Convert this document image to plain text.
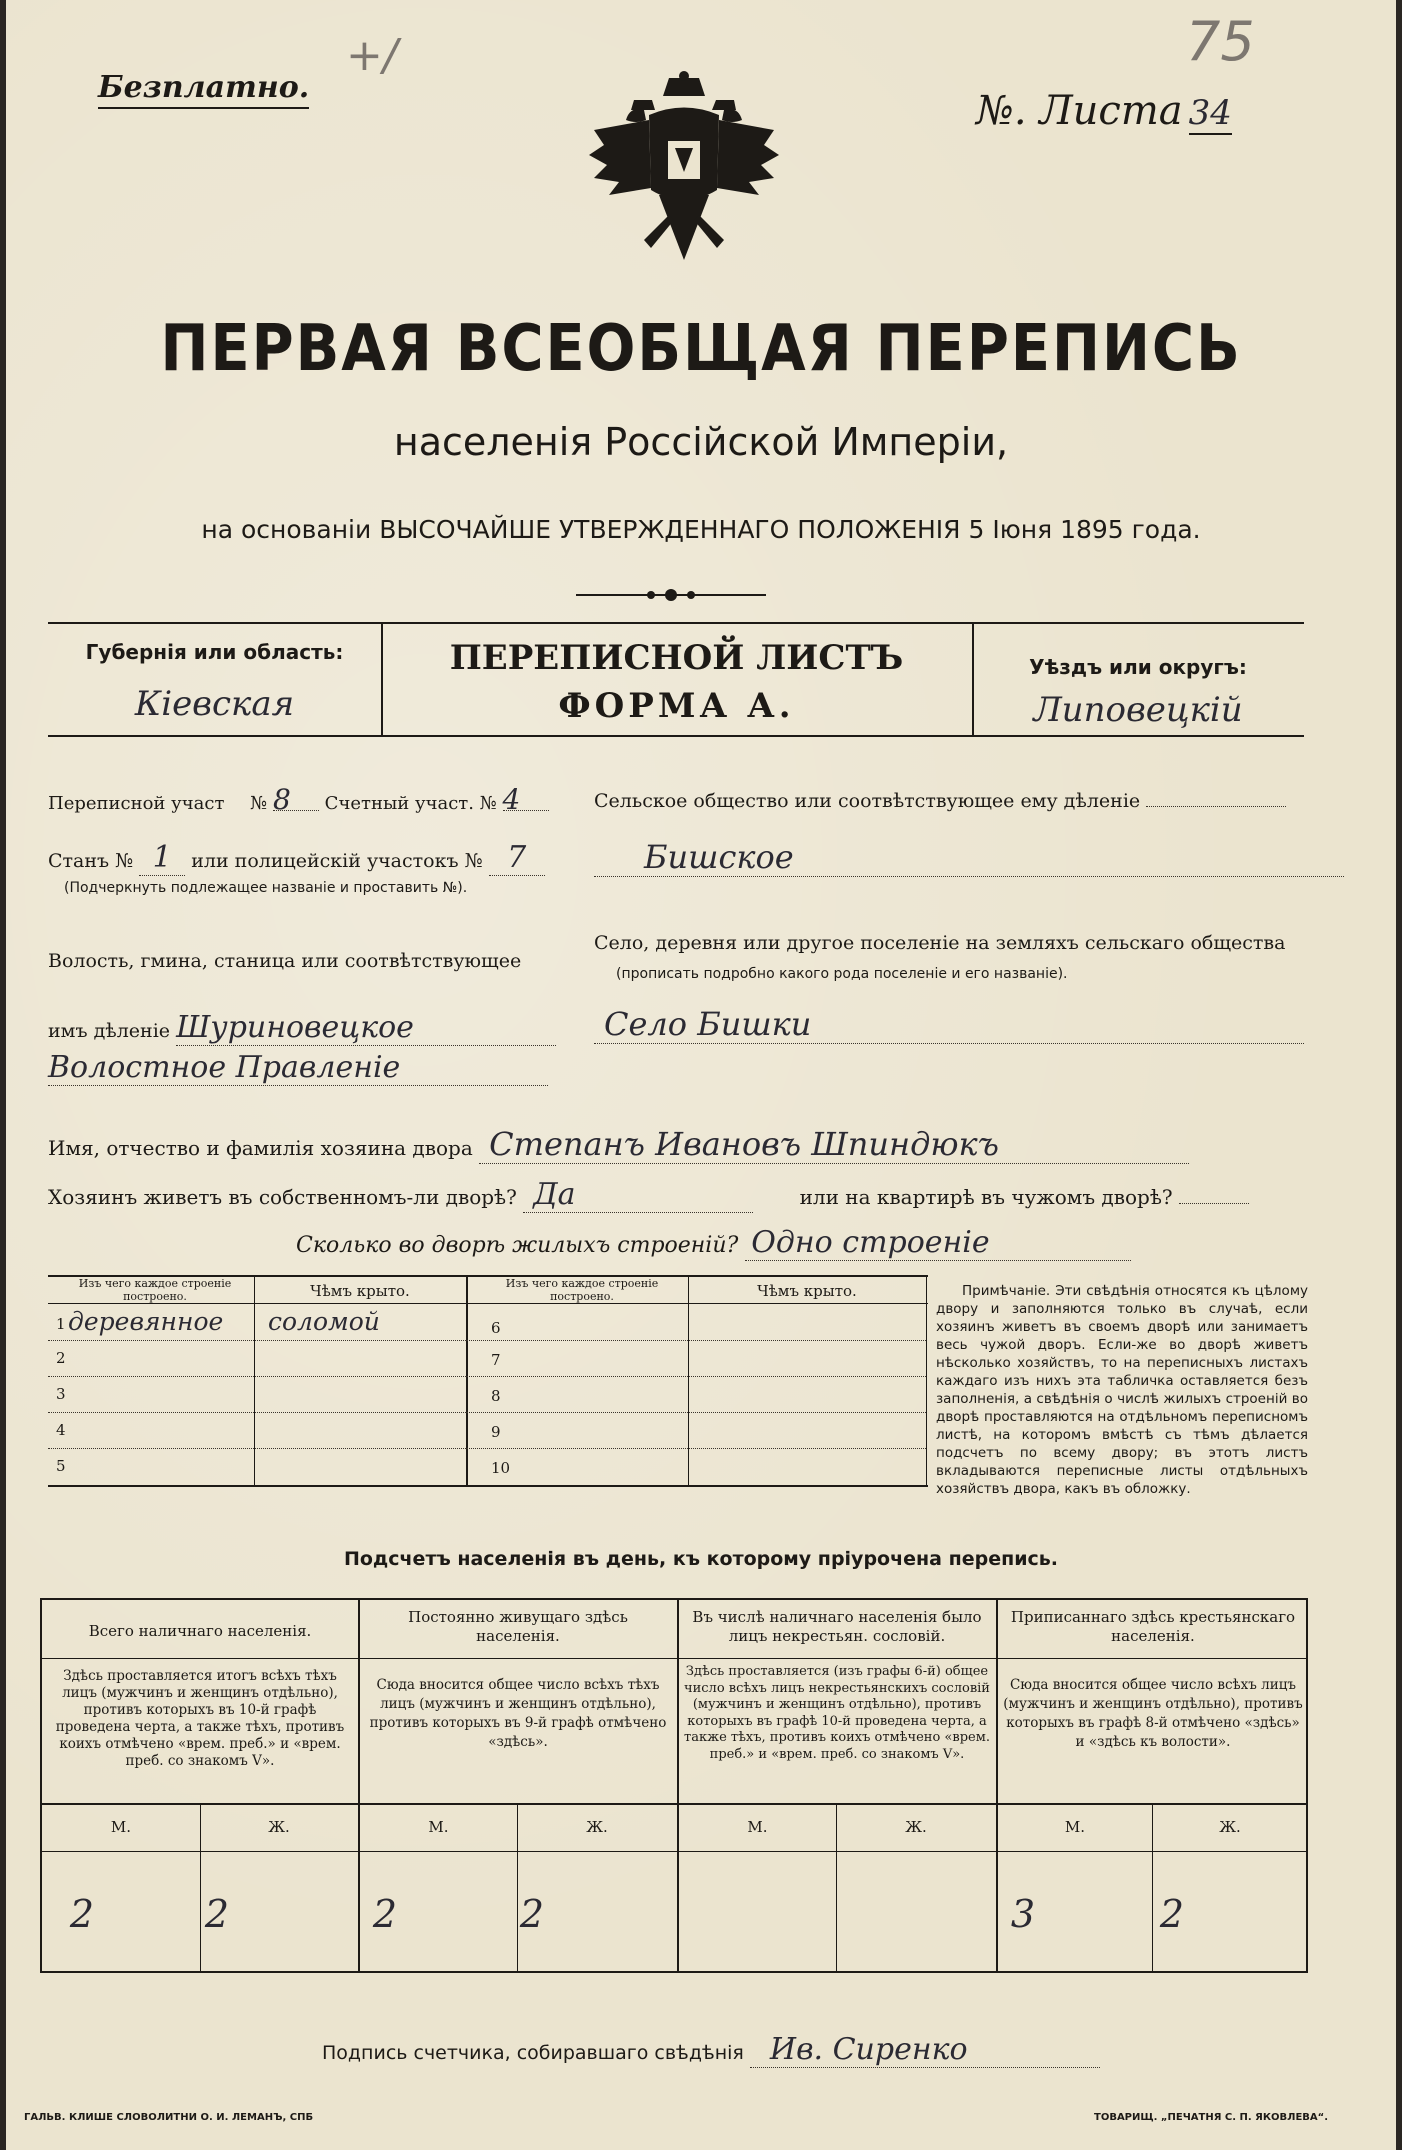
Безплатно.
+/	75
№. Листа 34
ПЕРВАЯ ВСЕОБЩАЯ ПЕРЕПИСЬ
населенія Россійской Имперіи,
на основаніи ВЫСОЧАЙШЕ УТВЕРЖДЕННАГО ПОЛОЖЕНІЯ 5 Іюня 1895 года.
Губернія или область:
Кіевская
ПЕРЕПИСНОЙ ЛИСТЪ
ФОРМА А.
Уѣздъ или округъ:
Липовецкій
Переписной участ № 8 Счетный участ. № 4
Станъ № 1 или полицейскій участокъ № 7
(Подчеркнуть подлежащее названіе и проставить №).
Волость, гмина, станица или соотвѣтствующее
имъ дѣленіе Шуриновецкое
Волостное Правленіе
Сельское общество или соотвѣтствующее ему дѣленіе
Бишское
Село, деревня или другое поселеніе на земляхъ сельскаго общества
(прописать подробно какого рода поселеніе и его названіе).
Село Бишки
Имя, отчество и фамилія хозяина двора Степанъ Ивановъ Шпиндюкъ
Хозяинъ живетъ въ собственномъ-ли дворѣ? Да	или на квартирѣ въ чужомъ дворѣ?
Сколько во дворѣ жилыхъ строеній? Одно строеніе
Изъ чего каждое строеніе построено.	Чѣмъ крыто.	Изъ чего каждое строеніе построено.	Чѣмъ крыто.
1 деревянное соломой
2
3
4
5
6
7
8
9
10
Примѣчаніе. Эти свѣдѣнія относятся къ цѣлому двору и заполняются только въ случаѣ, если хозяинъ живетъ въ своемъ дворѣ или занимаетъ весь чужой дворъ. Если-же во дворѣ живетъ нѣсколько хозяйствъ, то на переписныхъ листахъ каждаго изъ нихъ эта табличка оставляется безъ заполненія, а свѣдѣнія о числѣ жилыхъ строеній во дворѣ проставляются на отдѣльномъ переписномъ листѣ, на которомъ вмѣстѣ съ тѣмъ дѣлается подсчетъ по всему двору; въ этотъ листъ вкладываются переписные листы отдѣльныхъ хозяйствъ двора, какъ въ обложку.
Подсчетъ населенія въ день, къ которому пріурочена перепись.
Всего наличнаго населенія.
Здѣсь проставляется итогъ всѣхъ тѣхъ лицъ (мужчинъ и женщинъ отдѣльно), противъ которыхъ въ 10-й графѣ проведена черта, а также тѣхъ, противъ коихъ отмѣчено «врем. преб.» и «врем. преб. со знакомъ V».
М.	Ж.
2	2
Постоянно живущаго здѣсь населенія.
Сюда вносится общее число всѣхъ тѣхъ лицъ (мужчинъ и женщинъ отдѣльно), противъ которыхъ въ 9-й графѣ отмѣчено «здѣсь».
М.	Ж.
2	2
Въ числѣ наличнаго населенія было лицъ некрестьян. сословій.
Здѣсь проставляется (изъ графы 6-й) общее число всѣхъ лицъ некрестьянскихъ сословій (мужчинъ и женщинъ отдѣльно), противъ которыхъ въ графѣ 10-й проведена черта, а также тѣхъ, противъ коихъ отмѣчено «врем. преб.» и «врем. преб. со знакомъ V».
М.	Ж.
Приписаннаго здѣсь крестьянскаго населенія.
Сюда вносится общее число всѣхъ лицъ (мужчинъ и женщинъ отдѣльно), противъ которыхъ въ графѣ 8-й отмѣчено «здѣсь» и «здѣсь къ волости».
М.	Ж.
3	2
Подпись счетчика, собиравшаго свѣдѣнія Ив. Сиренко
ГАЛЬВ. КЛИШЕ СЛОВОЛИТНИ О. И. ЛЕМАНЪ, СПБ	ТОВАРИЩ. „ПЕЧАТНЯ С. П. ЯКОВЛЕВА“.
